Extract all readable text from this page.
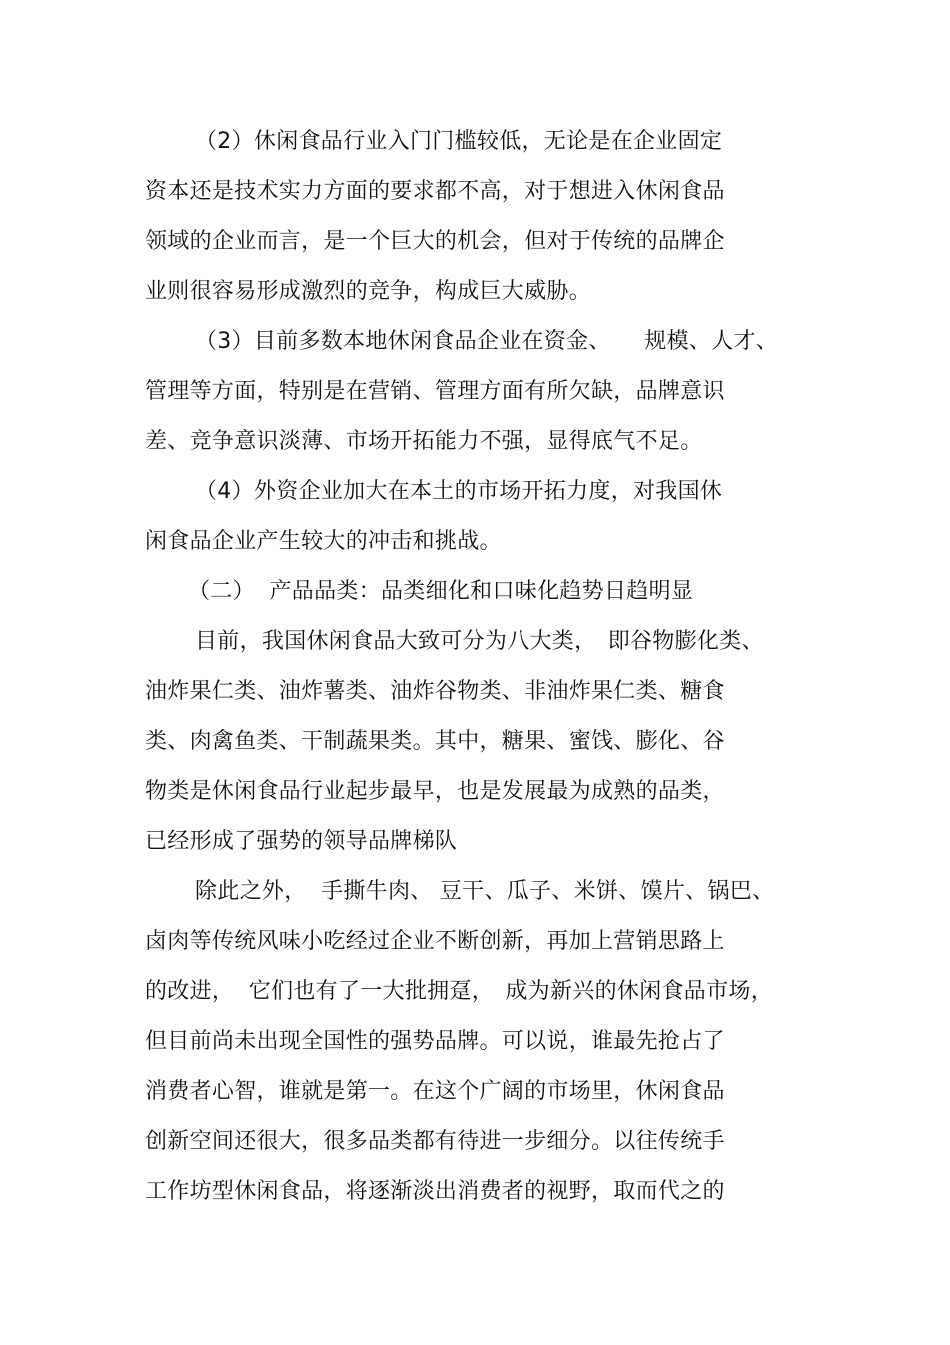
（2）休闲食品行业入门门槛较低，无论是在企业固定
资本还是技术实力方面的要求都不高，对于想进入休闲食品
领域的企业而言，是一个巨大的机会，但对于传统的品牌企
业则很容易形成激烈的竞争，构成巨大威胁。
（3）目前多数本地休闲食品企业在资金、　　规模、人才、
管理等方面，特别是在营销、管理方面有所欠缺，品牌意识
差、竞争意识淡薄、市场开拓能力不强，显得底气不足。
（4）外资企业加大在本土的市场开拓力度，对我国休
闲食品企业产生较大的冲击和挑战。
（二）  产品品类：品类细化和口味化趋势日趋明显
目前，我国休闲食品大致可分为八大类，　即谷物膨化类、
油炸果仁类、油炸薯类、油炸谷物类、非油炸果仁类、糖食
类、肉禽鱼类、干制蔬果类。其中，糖果、蜜饯、膨化、谷
物类是休闲食品行业起步最早，也是发展最为成熟的品类，
已经形成了强势的领导品牌梯队
除此之外，  手撕牛肉、 豆干、瓜子、米饼、馍片、锅巴、
卤肉等传统风味小吃经过企业不断创新，再加上营销思路上
的改进，  它们也有了一大批拥趸，　成为新兴的休闲食品市场，
但目前尚未出现全国性的强势品牌。可以说，谁最先抢占了
消费者心智，谁就是第一。在这个广阔的市场里，休闲食品
创新空间还很大，很多品类都有待进一步细分。以往传统手
工作坊型休闲食品，将逐渐淡出消费者的视野，取而代之的
